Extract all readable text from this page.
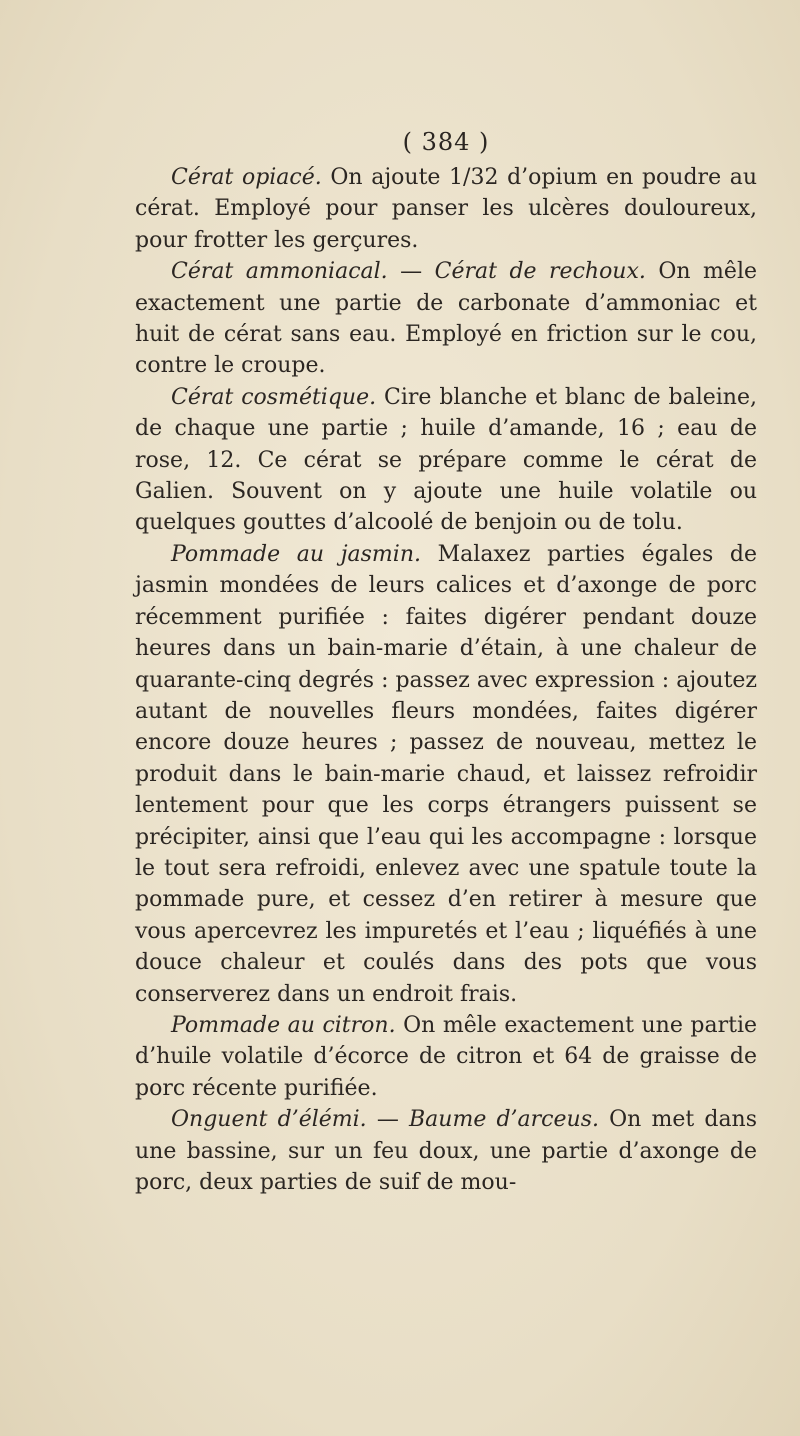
( 384 )

Cérat opiacé. On ajoute 1/32 d’opium en poudre au cérat. Employé pour panser les ulcères douloureux, pour frotter les gerçures.

Cérat ammoniacal. — Cérat de rechoux. On mêle exactement une partie de carbonate d’ammoniac et huit de cérat sans eau. Employé en friction sur le cou, contre le croupe.

Cérat cosmétique. Cire blanche et blanc de baleine, de chaque une partie ; huile d’amande, 16 ; eau de rose, 12. Ce cérat se prépare comme le cérat de Galien. Souvent on y ajoute une huile volatile ou quelques gouttes d’alcoolé de benjoin ou de tolu.

Pommade au jasmin. Malaxez parties égales de jasmin mondées de leurs calices et d’axonge de porc récemment purifiée : faites digérer pendant douze heures dans un bain-marie d’étain, à une chaleur de quarante-cinq degrés : passez avec expression : ajoutez autant de nouvelles fleurs mondées, faites digérer encore douze heures ; passez de nouveau, mettez le produit dans le bain-marie chaud, et laissez refroidir lentement pour que les corps étrangers puissent se précipiter, ainsi que l’eau qui les accompagne : lorsque le tout sera refroidi, enlevez avec une spatule toute la pommade pure, et cessez d’en retirer à mesure que vous apercevrez les impuretés et l’eau ; liquéfiés à une douce chaleur et coulés dans des pots que vous conserverez dans un endroit frais.

Pommade au citron. On mêle exactement une partie d’huile volatile d’écorce de citron et 64 de graisse de porc récente purifiée.

Onguent d’élémi. — Baume d’arceus. On met dans une bassine, sur un feu doux, une partie d’axonge de porc, deux parties de suif de mou-
